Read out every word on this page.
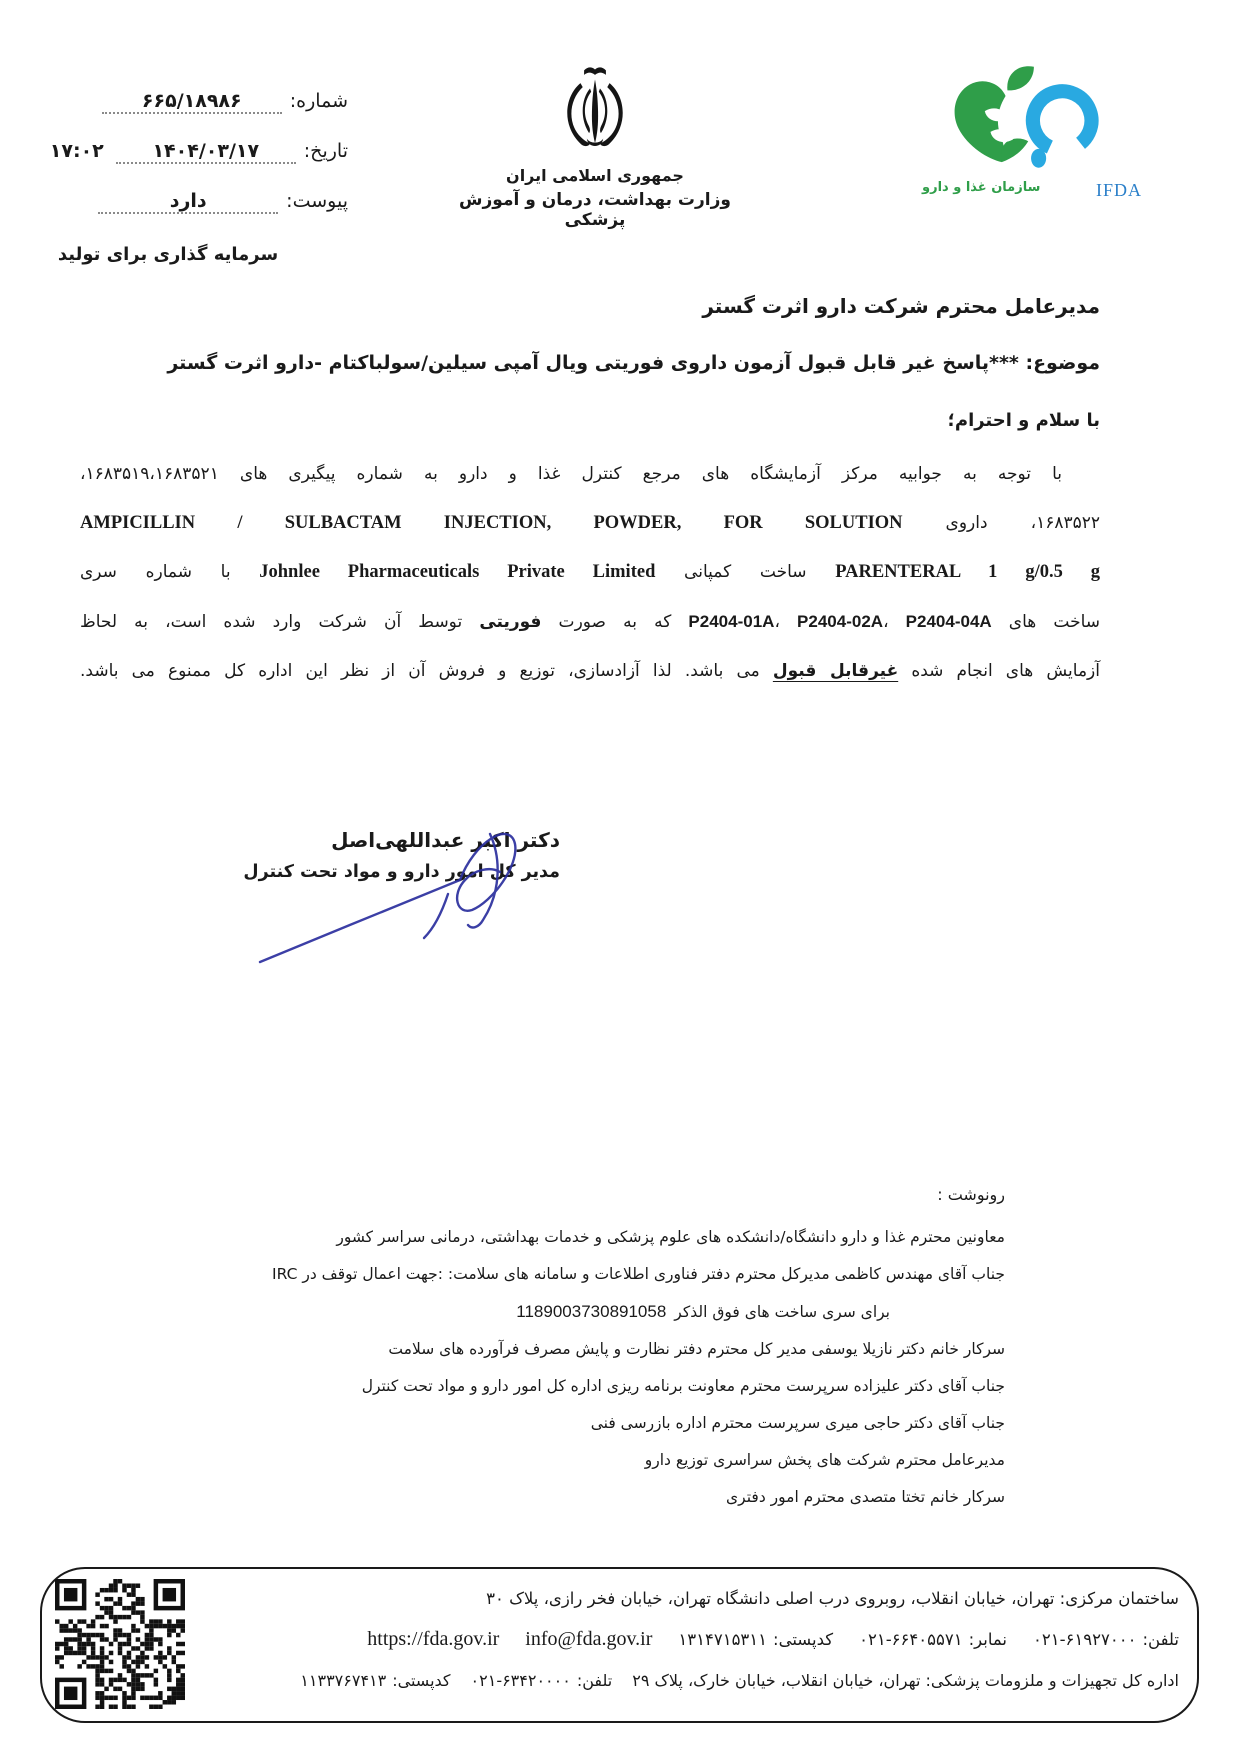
شماره:
۶۶۵/۱۸۹۸۶
تاریخ:
۱۴۰۴/۰۳/۱۷
۱۷:۰۲
پیوست:
دارد
سرمایه گذاری برای تولید
جمهوری اسلامی ایران
وزارت بهداشت، درمان و آموزش پزشکی
سازمان غذا و دارو	IFDA
مدیرعامل محترم شرکت دارو اثرت گستر
موضوع: ***پاسخ غیر قابل قبول آزمون داروی فوریتی ویال آمپی سیلین/سولباکتام -دارو اثرت گستر
با سلام و احترام؛
با توجه به جوابیه مرکز آزمایشگاه های مرجع کنترل غذا و دارو به شماره پیگیری های ۱۶۸۳۵۱۹،۱۶۸۳۵۲۱،
۱۶۸۳۵۲۲، داروی AMPICILLIN / SULBACTAM INJECTION, POWDER, FOR SOLUTION
PARENTERAL 1 g/0.5 g ساخت کمپانی Johnlee Pharmaceuticals Private Limited با شماره سری
ساخت های P2404-01A، P2404-02A، P2404-04A که به صورت فوریتی توسط آن شرکت وارد شده است، به لحاظ
آزمایش های انجام شده غیرقابل قبول می باشد. لذا آزادسازی، توزیع و فروش آن از نظر این اداره کل ممنوع می باشد.
دکتر اکبر عبداللهی‌اصل
مدیر کل امور دارو و مواد تحت کنترل
رونوشت :
معاونین محترم غذا و دارو دانشگاه/دانشکده های علوم پزشکی و خدمات بهداشتی، درمانی سراسر کشور
جناب آقای مهندس کاظمی مدیرکل محترم دفتر فناوری اطلاعات و سامانه های سلامت: :جهت اعمال توقف در IRC
برای سری ساخت های فوق الذکر1189003730891058
سرکار خانم دکتر نازیلا یوسفی مدیر کل محترم دفتر نظارت و پایش مصرف فرآورده های سلامت
جناب آقای دکتر علیزاده سرپرست محترم معاونت برنامه ریزی اداره کل امور دارو و مواد تحت کنترل
جناب آقای دکتر حاجی میری سرپرست محترم اداره بازرسی فنی
مدیرعامل محترم شرکت های پخش سراسری توزیع دارو
سرکار خانم تختا متصدی محترم امور دفتری
ساختمان مرکزی: تهران، خیابان انقلاب، روبروی درب اصلی دانشگاه تهران، خیابان فخر رازی، پلاک ۳۰
تلفن:۰۲۱-۶۱۹۲۷۰۰۰
نمابر:۰۲۱-۶۶۴۰۵۵۷۱
کدپستی:۱۳۱۴۷۱۵۳۱۱
info@fda.gov.ir
https://fda.gov.ir
اداره کل تجهیزات و ملزومات پزشکی: تهران، خیابان انقلاب، خیابان خارک، پلاک ۲۹
تلفن:۰۲۱-۶۳۴۲۰۰۰۰
کدپستی:۱۱۳۳۷۶۷۴۱۳
